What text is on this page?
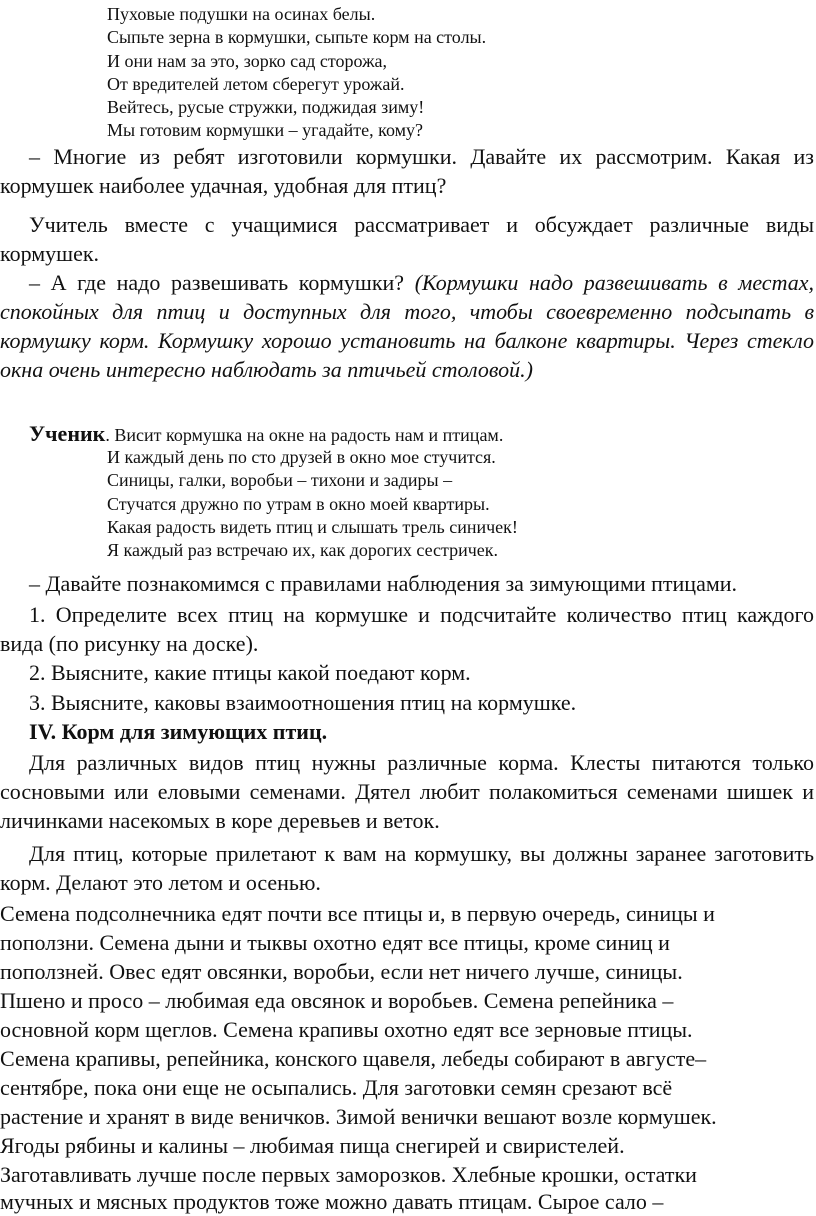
Пуховые подушки на осинах белы.
Сыпьте зерна в кормушки, сыпьте корм на столы.
И они нам за это, зорко сад сторожа,
От вредителей летом сберегут урожай.
Вейтесь, русые стружки, поджидая зиму!
Мы готовим кормушки – угадайте, кому?

– Многие из ребят изготовили кормушки. Давайте их рассмотрим. Какая из кормушек наиболее удачная, удобная для птиц?

Учитель вместе с учащимися рассматривает и обсуждает различные виды кормушек.

– А где надо развешивать кормушки? (Кормушки надо развешивать в местах, спокойных для птиц и доступных для того, чтобы своевременно подсыпать в кормушку корм. Кормушку хорошо установить на балконе квартиры. Через стекло окна очень интересно наблюдать за птичьей столовой.)

Ученик. Висит кормушка на окне на радость нам и птицам.
И каждый день по сто друзей в окно мое стучится.
Синицы, галки, воробьи – тихони и задиры –
Стучатся дружно по утрам в окно моей квартиры.
Какая радость видеть птиц и слышать трель синичек!
Я каждый раз встречаю их, как дорогих сестричек.

– Давайте познакомимся с правилами наблюдения за зимующими птицами.

1. Определите всех птиц на кормушке и подсчитайте количество птиц каждого вида (по рисунку на доске).

2. Выясните, какие птицы какой поедают корм.

3. Выясните, каковы взаимоотношения птиц на кормушке.

IV. Корм для зимующих птиц.

Для различных видов птиц нужны различные корма. Клесты питаются только сосновыми или еловыми семенами. Дятел любит полакомиться семенами шишек и личинками насекомых в коре деревьев и веток.

Для птиц, которые прилетают к вам на кормушку, вы должны заранее заготовить корм. Делают это летом и осенью.

Семена подсолнечника едят почти все птицы и, в первую очередь, синицы и
поползни. Семена дыни и тыквы охотно едят все птицы, кроме синиц и
поползней. Овес едят овсянки, воробьи, если нет ничего лучше, синицы.
Пшено и просо – любимая еда овсянок и воробьев. Семена репейника –
основной корм щеглов. Семена крапивы охотно едят все зерновые птицы.
Семена крапивы, репейника, конского щавеля, лебеды собирают в августе–
сентябре, пока они еще не осыпались. Для заготовки семян срезают всё
растение и хранят в виде веничков. Зимой венички вешают возле кормушек.
Ягоды рябины и калины – любимая пища снегирей и свиристелей.
Заготавливать лучше после первых заморозков. Хлебные крошки, остатки
мучных и мясных продуктов тоже можно давать птицам. Сырое сало –
